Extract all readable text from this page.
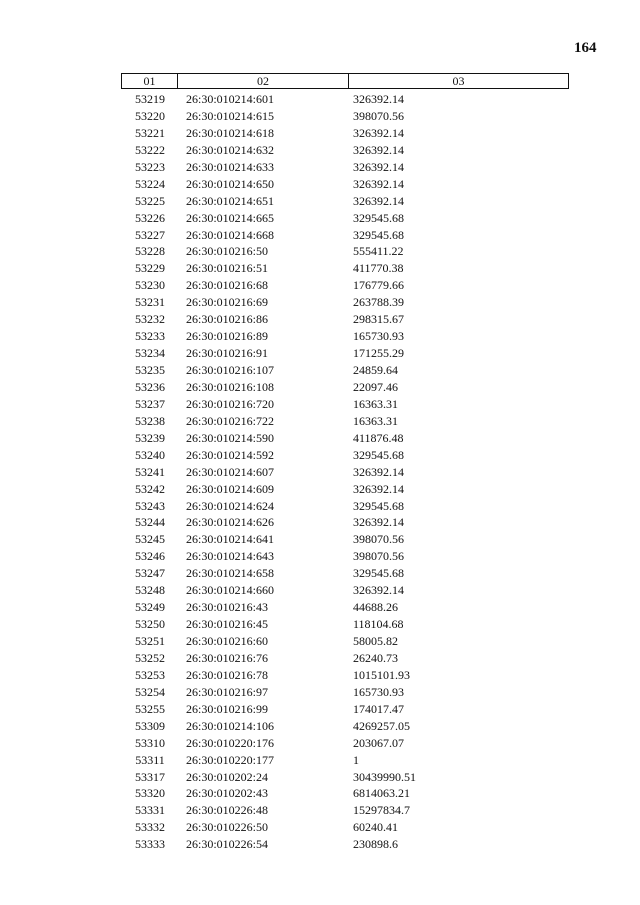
164
01	02	03
53219	26:30:010214:601	326392.14
53220	26:30:010214:615	398070.56
53221	26:30:010214:618	326392.14
53222	26:30:010214:632	326392.14
53223	26:30:010214:633	326392.14
53224	26:30:010214:650	326392.14
53225	26:30:010214:651	326392.14
53226	26:30:010214:665	329545.68
53227	26:30:010214:668	329545.68
53228	26:30:010216:50	555411.22
53229	26:30:010216:51	411770.38
53230	26:30:010216:68	176779.66
53231	26:30:010216:69	263788.39
53232	26:30:010216:86	298315.67
53233	26:30:010216:89	165730.93
53234	26:30:010216:91	171255.29
53235	26:30:010216:107	24859.64
53236	26:30:010216:108	22097.46
53237	26:30:010216:720	16363.31
53238	26:30:010216:722	16363.31
53239	26:30:010214:590	411876.48
53240	26:30:010214:592	329545.68
53241	26:30:010214:607	326392.14
53242	26:30:010214:609	326392.14
53243	26:30:010214:624	329545.68
53244	26:30:010214:626	326392.14
53245	26:30:010214:641	398070.56
53246	26:30:010214:643	398070.56
53247	26:30:010214:658	329545.68
53248	26:30:010214:660	326392.14
53249	26:30:010216:43	44688.26
53250	26:30:010216:45	118104.68
53251	26:30:010216:60	58005.82
53252	26:30:010216:76	26240.73
53253	26:30:010216:78	1015101.93
53254	26:30:010216:97	165730.93
53255	26:30:010216:99	174017.47
53309	26:30:010214:106	4269257.05
53310	26:30:010220:176	203067.07
53311	26:30:010220:177	1
53317	26:30:010202:24	30439990.51
53320	26:30:010202:43	6814063.21
53331	26:30:010226:48	15297834.7
53332	26:30:010226:50	60240.41
53333	26:30:010226:54	230898.6
